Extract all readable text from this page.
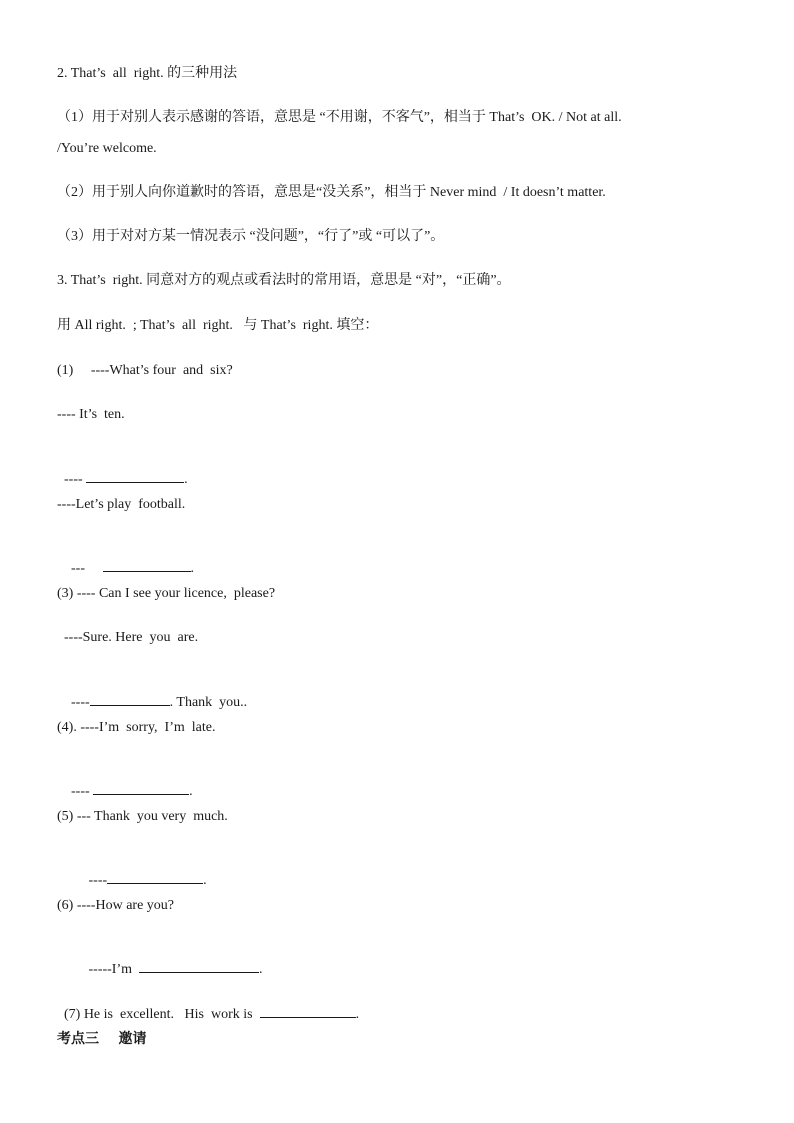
2. That’s  all  right. 的三种用法
（1）用于对别人表示感谢的答语，意思是 “不用谢，不客气”，相当于 That’s  OK. / Not at all.
/You’re welcome.
（2）用于别人向你道歉时的答语，意思是“没关系”，相当于 Never mind  / It doesn’t matter.
（3）用于对对方某一情况表示 “没问题”，“行了”或 “可以了”。
3. That’s  right. 同意对方的观点或看法时的常用语，意思是 “对”，“正确”。
用 All right.  ; That’s  all  right.   与 That’s  right. 填空：
(1)     ----What’s four  and  six?
---- It’s  ten.

----	.

----Let’s play  football.

---	.

(3) ---- Can I see your licence,  please?
----Sure. Here  you  are.

----	. Thank  you..

(4). ----I’m  sorry,  I’m  late.

----	.

(5) --- Thank  you very  much.

----	.

(6) ----How are you?

-----I’m	.

(7) He is  excellent.   His  work is	.

考点三    邀请
